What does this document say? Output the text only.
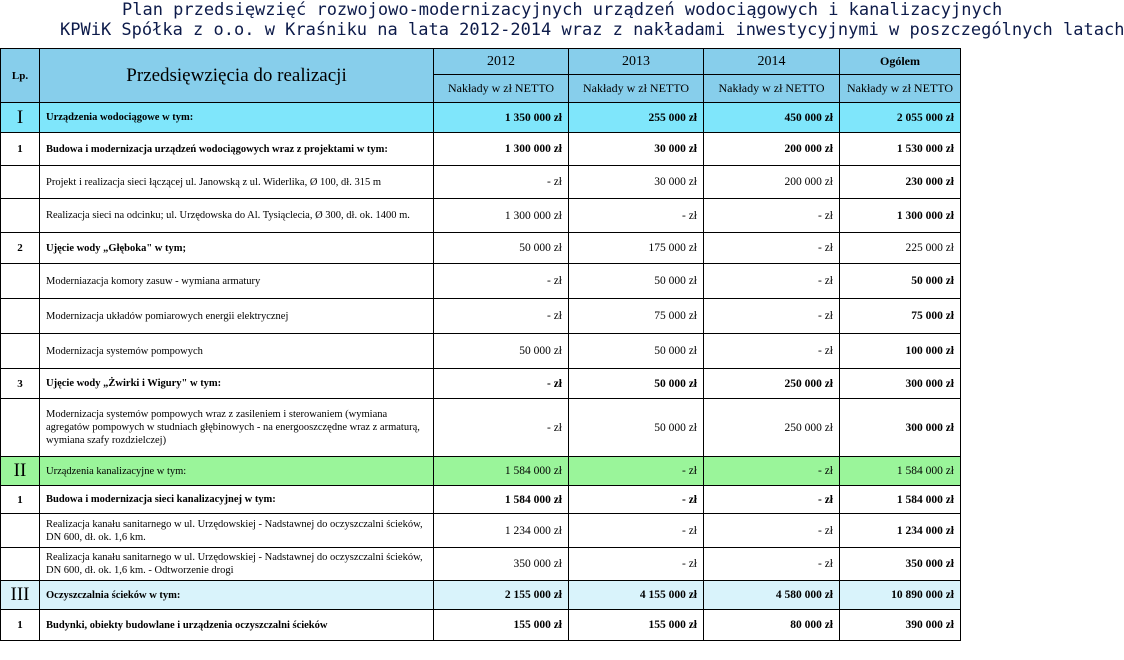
Plan przedsięwzięć rozwojowo-modernizacyjnych urządzeń wodociągowych i kanalizacyjnych
KPWiK Spółka z o.o. w Kraśniku na lata 2012-2014 wraz z nakładami inwestycyjnymi w poszczególnych latach
Lp.	Przedsięwzięcia do realizacji	2012	2013	2014	Ogólem
		Nakłady w zł NETTO	Nakłady w zł NETTO	Nakłady w zł NETTO	Nakłady w zł NETTO
I	Urządzenia wodociągowe w tym:	1 350 000 zł	255 000 zł	450 000 zł	2 055 000 zł
1	Budowa i modernizacja urządzeń wodociągowych wraz z projektami w tym:	1 300 000 zł	30 000 zł	200 000 zł	1 530 000 zł
	Projekt i realizacja sieci łączącej ul. Janowską z ul. Widerlika, Ø 100, dł. 315 m	- zł	30 000 zł	200 000 zł	230 000 zł
	Realizacja sieci na odcinku; ul. Urzędowska do Al. Tysiąclecia, Ø 300, dł. ok. 1400 m.	1 300 000 zł	- zł	- zł	1 300 000 zł
2	Ujęcie wody „Głęboka" w tym;	50 000 zł	175 000 zł	- zł	225 000 zł
	Moderniazacja komory zasuw - wymiana armatury	- zł	50 000 zł	- zł	50 000 zł
	Modernizacja układów pomiarowych energii elektrycznej	- zł	75 000 zł	- zł	75 000 zł
	Modernizacja systemów pompowych	50 000 zł	50 000 zł	- zł	100 000 zł
3	Ujęcie wody „Żwirki i Wigury" w tym:	- zł	50 000 zł	250 000 zł	300 000 zł
	Modernizacja systemów pompowych wraz z zasileniem i sterowaniem (wymiana agregatów pompowych w studniach głębinowych - na energooszczędne wraz z armaturą, wymiana szafy rozdzielczej)	- zł	50 000 zł	250 000 zł	300 000 zł
II	Urządzenia kanalizacyjne w tym:	1 584 000 zł	- zł	- zł	1 584 000 zł
1	Budowa i modernizacja sieci kanalizacyjnej w tym:	1 584 000 zł	- zł	- zł	1 584 000 zł
	Realizacja kanału sanitarnego w ul. Urzędowskiej - Nadstawnej do oczyszczalni ścieków, DN 600, dł. ok. 1,6 km.	1 234 000 zł	- zł	- zł	1 234 000 zł
	Realizacja kanału sanitarnego w ul. Urzędowskiej - Nadstawnej do oczyszczalni ścieków, DN 600, dł. ok. 1,6 km. - Odtworzenie drogi	350 000 zł	- zł	- zł	350 000 zł
III	Oczyszczalnia ścieków w tym:	2 155 000 zł	4 155 000 zł	4 580 000 zł	10 890 000 zł
1	Budynki, obiekty budowlane i urządzenia oczyszczalni ścieków	155 000 zł	155 000 zł	80 000 zł	390 000 zł
